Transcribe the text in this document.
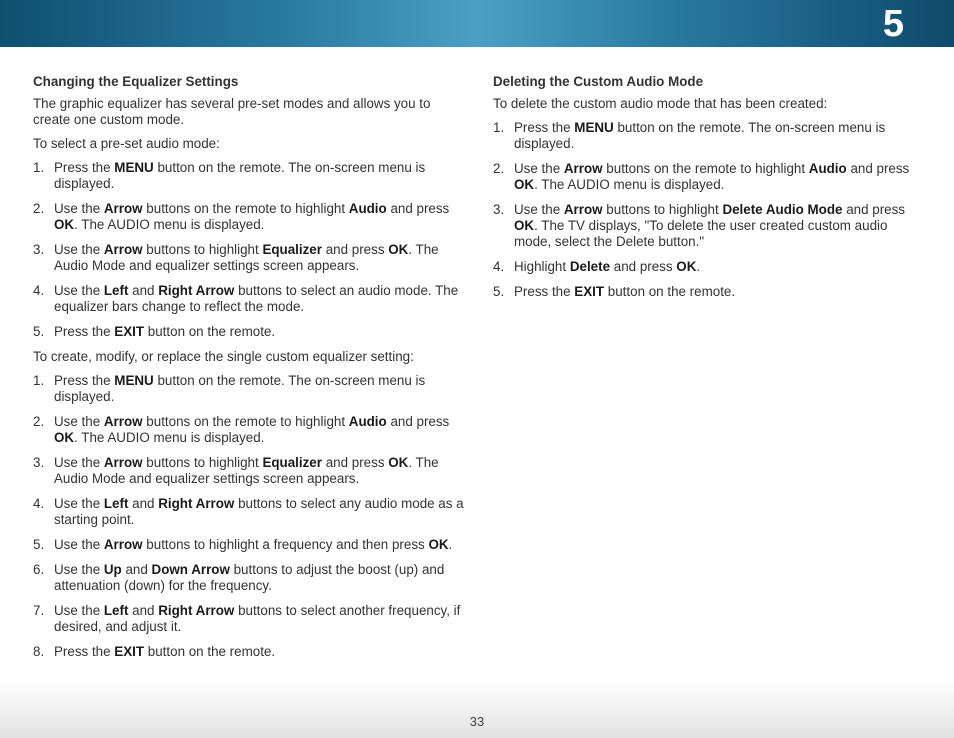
5
Changing the Equalizer Settings

The graphic equalizer has several pre-set modes and allows you to create one custom mode.

To select a pre-set audio mode:

1. Press the MENU button on the remote. The on-screen menu is displayed.
2. Use the Arrow buttons on the remote to highlight Audio and press OK. The AUDIO menu is displayed.
3. Use the Arrow buttons to highlight Equalizer and press OK. The Audio Mode and equalizer settings screen appears.
4. Use the Left and Right Arrow buttons to select an audio mode. The equalizer bars change to reflect the mode.
5. Press the EXIT button on the remote.

To create, modify, or replace the single custom equalizer setting:

1. Press the MENU button on the remote. The on-screen menu is displayed.
2. Use the Arrow buttons on the remote to highlight Audio and press OK. The AUDIO menu is displayed.
3. Use the Arrow buttons to highlight Equalizer and press OK. The Audio Mode and equalizer settings screen appears.
4. Use the Left and Right Arrow buttons to select any audio mode as a starting point.
5. Use the Arrow buttons to highlight a frequency and then press OK.
6. Use the Up and Down Arrow buttons to adjust the boost (up) and attenuation (down) for the frequency.
7. Use the Left and Right Arrow buttons to select another frequency, if desired, and adjust it.
8. Press the EXIT button on the remote.
Deleting the Custom Audio Mode

To delete the custom audio mode that has been created:

1. Press the MENU button on the remote. The on-screen menu is displayed.
2. Use the Arrow buttons on the remote to highlight Audio and press OK. The AUDIO menu is displayed.
3. Use the Arrow buttons to highlight Delete Audio Mode and press OK. The TV displays, "To delete the user created custom audio mode, select the Delete button."
4. Highlight Delete and press OK.
5. Press the EXIT button on the remote.
33
